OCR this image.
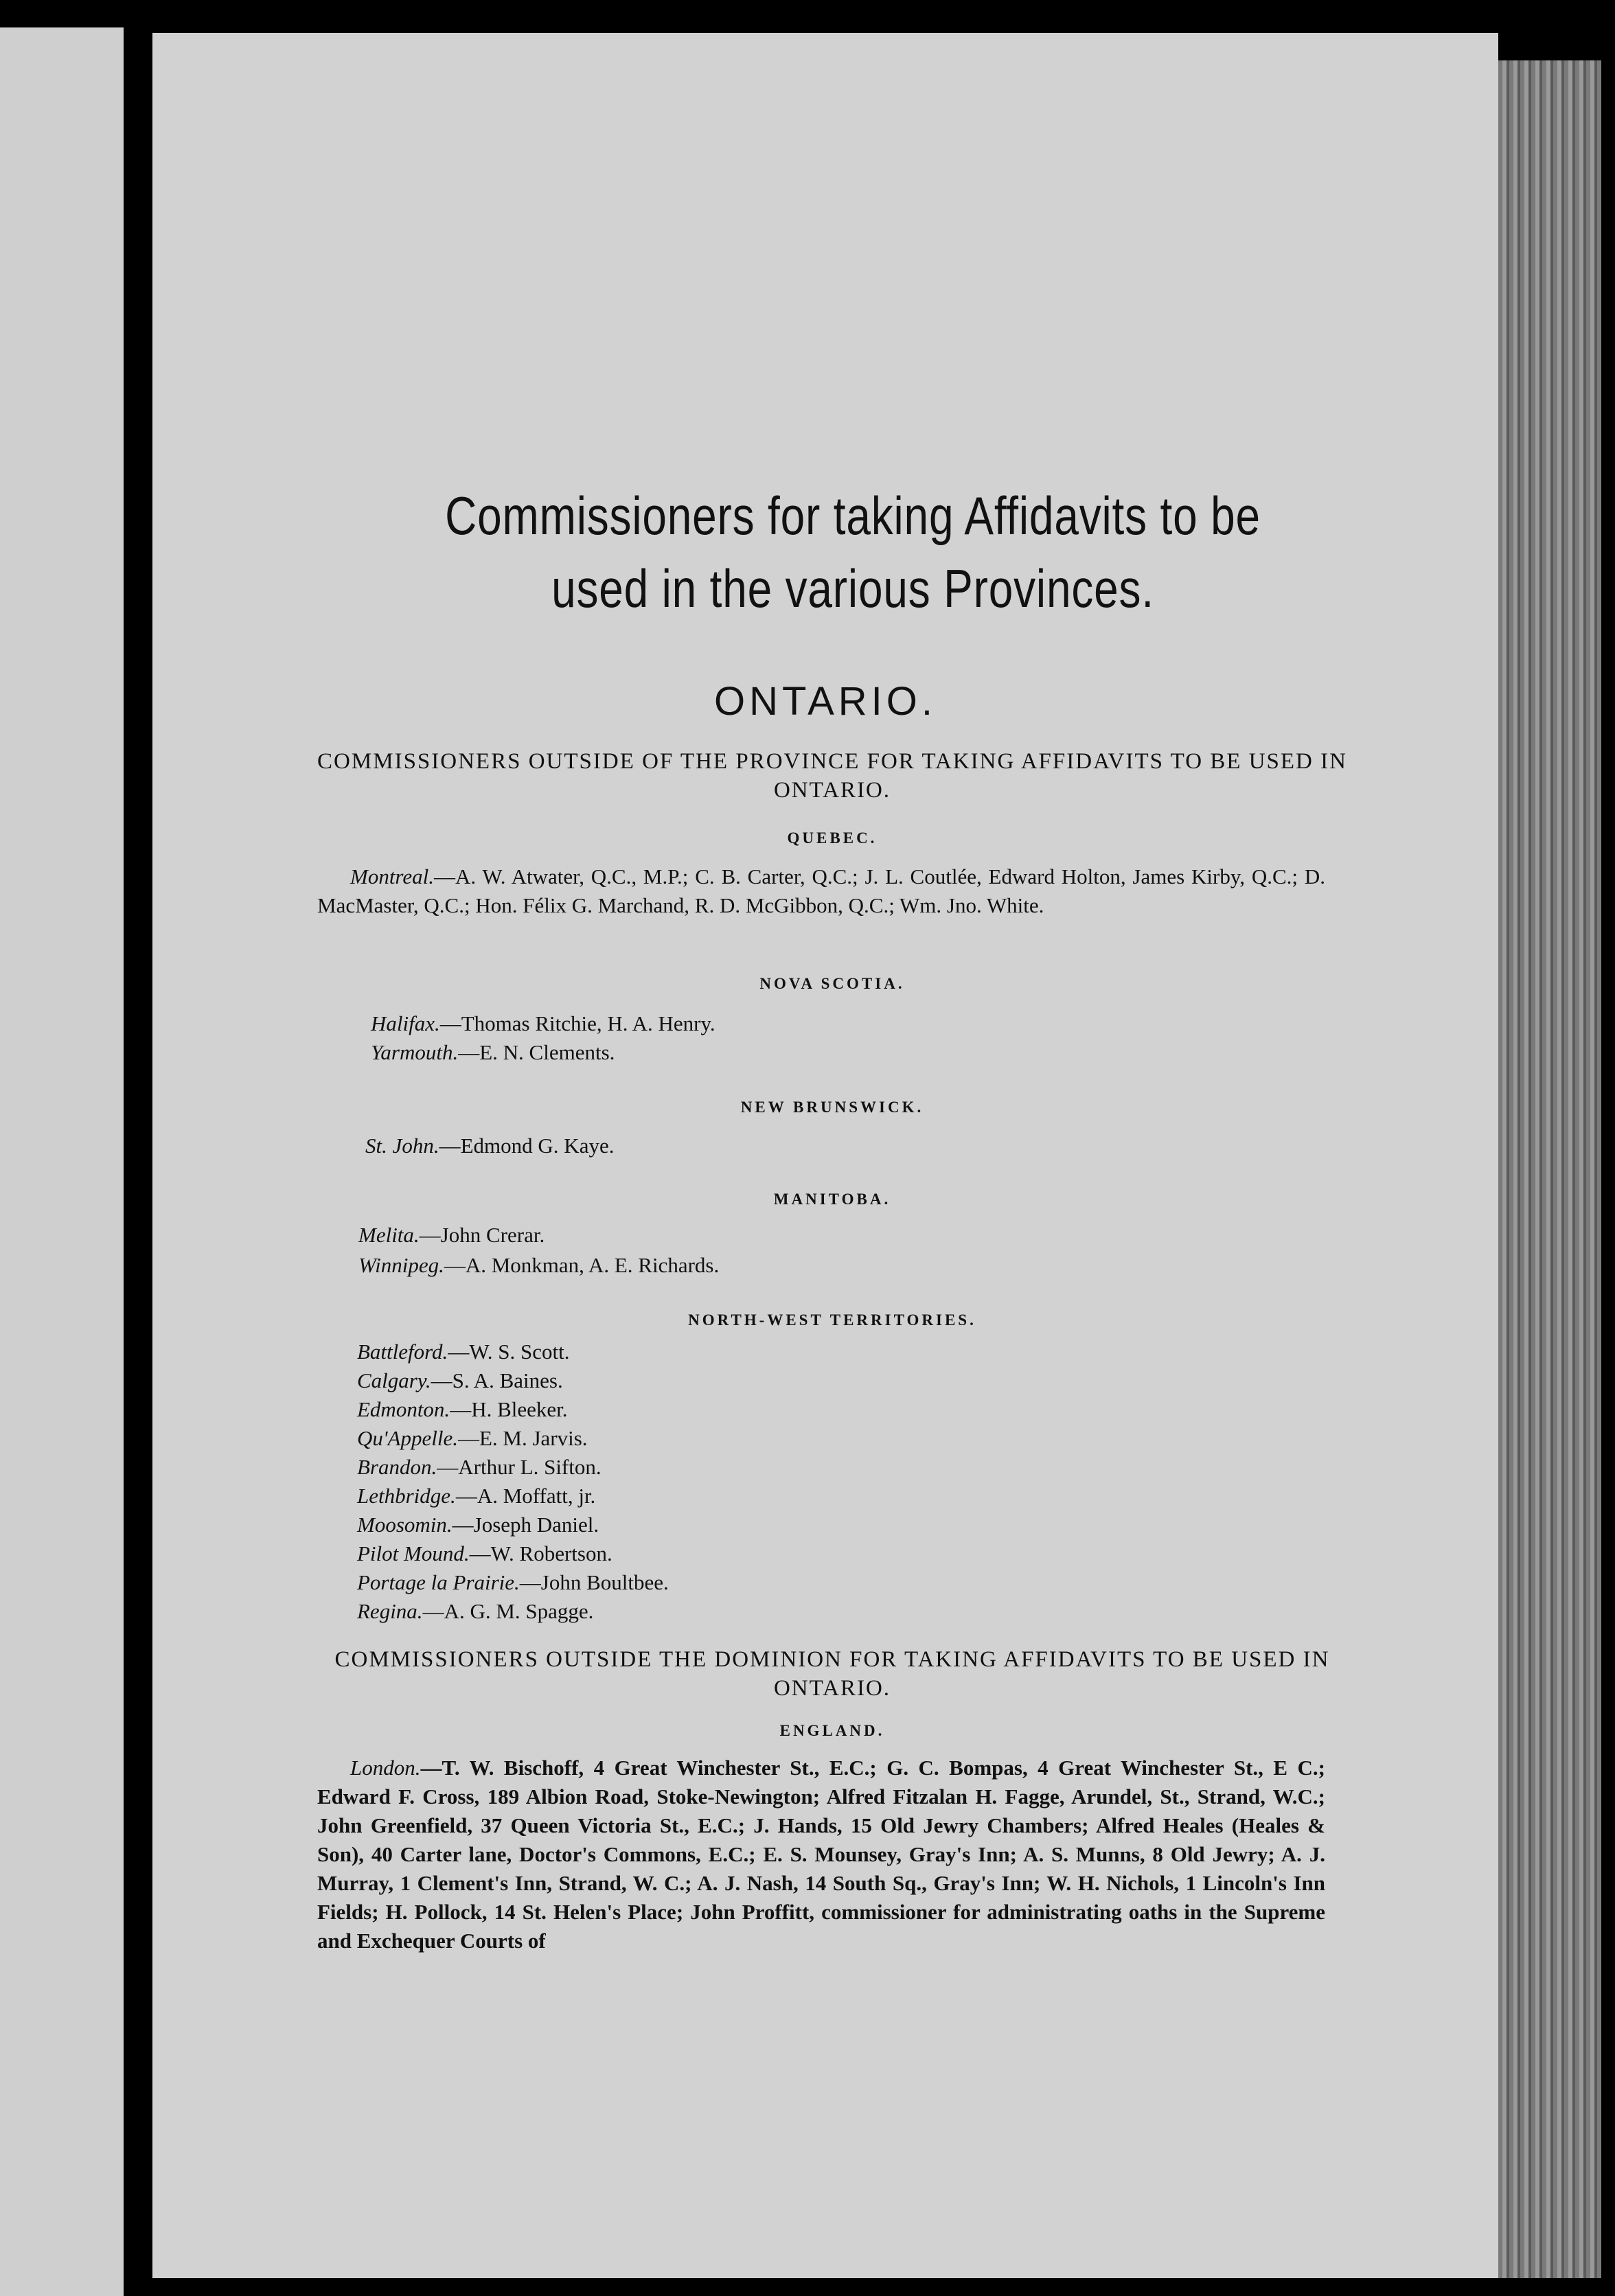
Commissioners for taking Affidavits to be used in the various Provinces.
ONTARIO.
COMMISSIONERS OUTSIDE OF THE PROVINCE FOR TAKING AFFIDAVITS TO BE USED IN ONTARIO.
QUEBEC.

Montreal.—A. W. Atwater, Q.C., M.P.; C. B. Carter, Q.C.; J. L. Coutlée, Edward Holton, James Kirby, Q.C.; D. MacMaster, Q.C.; Hon. Félix G. Marchand, R. D. McGibbon, Q.C.; Wm. Jno. White.

NOVA SCOTIA.

Halifax.—Thomas Ritchie, H. A. Henry.

Yarmouth.—E. N. Clements.

NEW BRUNSWICK.

St. John.—Edmond G. Kaye.

MANITOBA.

Melita.—John Crerar.

Winnipeg.—A. Monkman, A. E. Richards.

NORTH-WEST TERRITORIES.

Battleford.—W. S. Scott.

Calgary.—S. A. Baines.

Edmonton.—H. Bleeker.

Qu'Appelle.—E. M. Jarvis.

Brandon.—Arthur L. Sifton.

Lethbridge.—A. Moffatt, jr.

Moosomin.—Joseph Daniel.

Pilot Mound.—W. Robertson.

Portage la Prairie.—John Boultbee.

Regina.—A. G. M. Spagge.

COMMISSIONERS OUTSIDE THE DOMINION FOR TAKING AFFIDAVITS TO BE USED IN ONTARIO.
ENGLAND.

London.—T. W. Bischoff, 4 Great Winchester St., E.C.; G. C. Bompas, 4 Great Winchester St., E C.; Edward F. Cross, 189 Albion Road, Stoke-Newington; Alfred Fitzalan H. Fagge, Arundel, St., Strand, W.C.; John Greenfield, 37 Queen Victoria St., E.C.; J. Hands, 15 Old Jewry Chambers; Alfred Heales (Heales & Son), 40 Carter lane, Doctor's Commons, E.C.; E. S. Mounsey, Gray's Inn; A. S. Munns, 8 Old Jewry; A. J. Murray, 1 Clement's Inn, Strand, W. C.; A. J. Nash, 14 South Sq., Gray's Inn; W. H. Nichols, 1 Lincoln's Inn Fields; H. Pollock, 14 St. Helen's Place; John Proffitt, commissioner for administrating oaths in the Supreme and Exchequer Courts of
